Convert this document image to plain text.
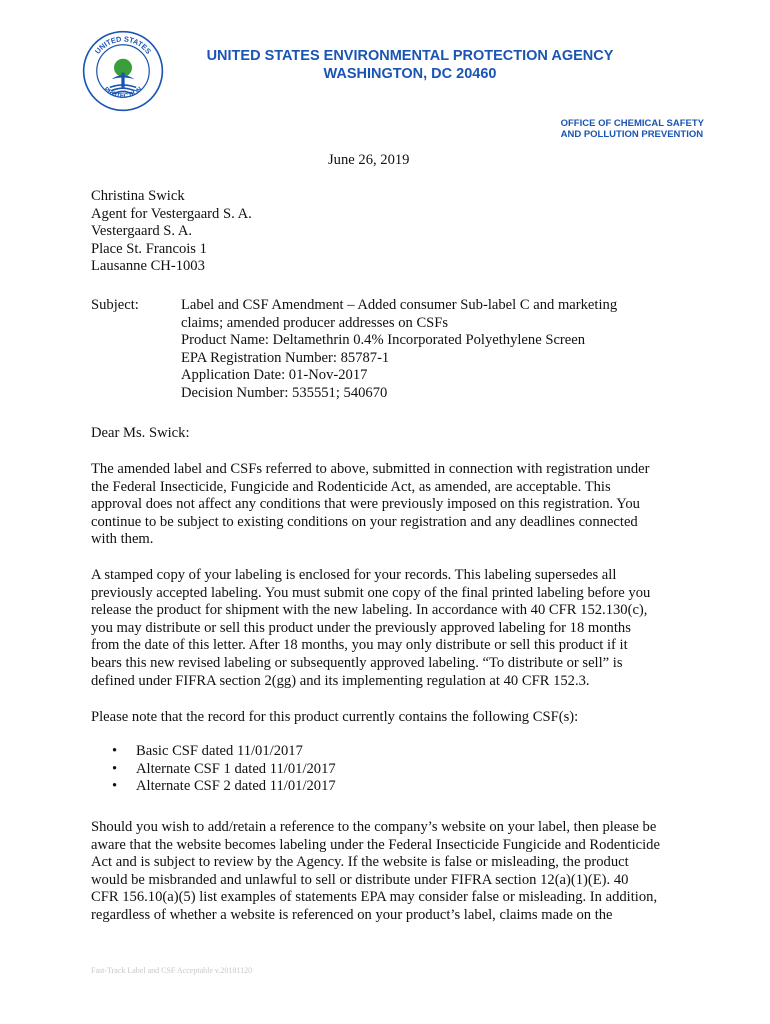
UNITED STATES
PROTECTION
UNITED STATES ENVIRONMENTAL PROTECTION AGENCY
WASHINGTON, DC 20460
OFFICE OF CHEMICAL SAFETY
AND POLLUTION PREVENTION
June 26, 2019
Christina Swick
Agent for Vestergaard S. A.
Vestergaard S. A.
Place St. Francois 1
Lausanne CH-1003
Subject:	Label and CSF Amendment – Added consumer Sub-label C and marketing
claims; amended producer addresses on CSFs
Product Name: Deltamethrin 0.4% Incorporated Polyethylene Screen
EPA Registration Number: 85787-1
Application Date: 01-Nov-2017
Decision Number: 535551; 540670
Dear Ms. Swick:
The amended label and CSFs referred to above, submitted in connection with registration under
the Federal Insecticide, Fungicide and Rodenticide Act, as amended, are acceptable. This
approval does not affect any conditions that were previously imposed on this registration. You
continue to be subject to existing conditions on your registration and any deadlines connected
with them.
A stamped copy of your labeling is enclosed for your records. This labeling supersedes all
previously accepted labeling. You must submit one copy of the final printed labeling before you
release the product for shipment with the new labeling. In accordance with 40 CFR 152.130(c),
you may distribute or sell this product under the previously approved labeling for 18 months
from the date of this letter. After 18 months, you may only distribute or sell this product if it
bears this new revised labeling or subsequently approved labeling. “To distribute or sell” is
defined under FIFRA section 2(gg) and its implementing regulation at 40 CFR 152.3.
Please note that the record for this product currently contains the following CSF(s):
• Basic CSF dated 11/01/2017
• Alternate CSF 1 dated 11/01/2017
• Alternate CSF 2 dated 11/01/2017
Should you wish to add/retain a reference to the company’s website on your label, then please be
aware that the website becomes labeling under the Federal Insecticide Fungicide and Rodenticide
Act and is subject to review by the Agency. If the website is false or misleading, the product
would be misbranded and unlawful to sell or distribute under FIFRA section 12(a)(1)(E). 40
CFR 156.10(a)(5) list examples of statements EPA may consider false or misleading. In addition,
regardless of whether a website is referenced on your product’s label, claims made on the
Fast-Track Label and CSF Acceptable v.20181120
